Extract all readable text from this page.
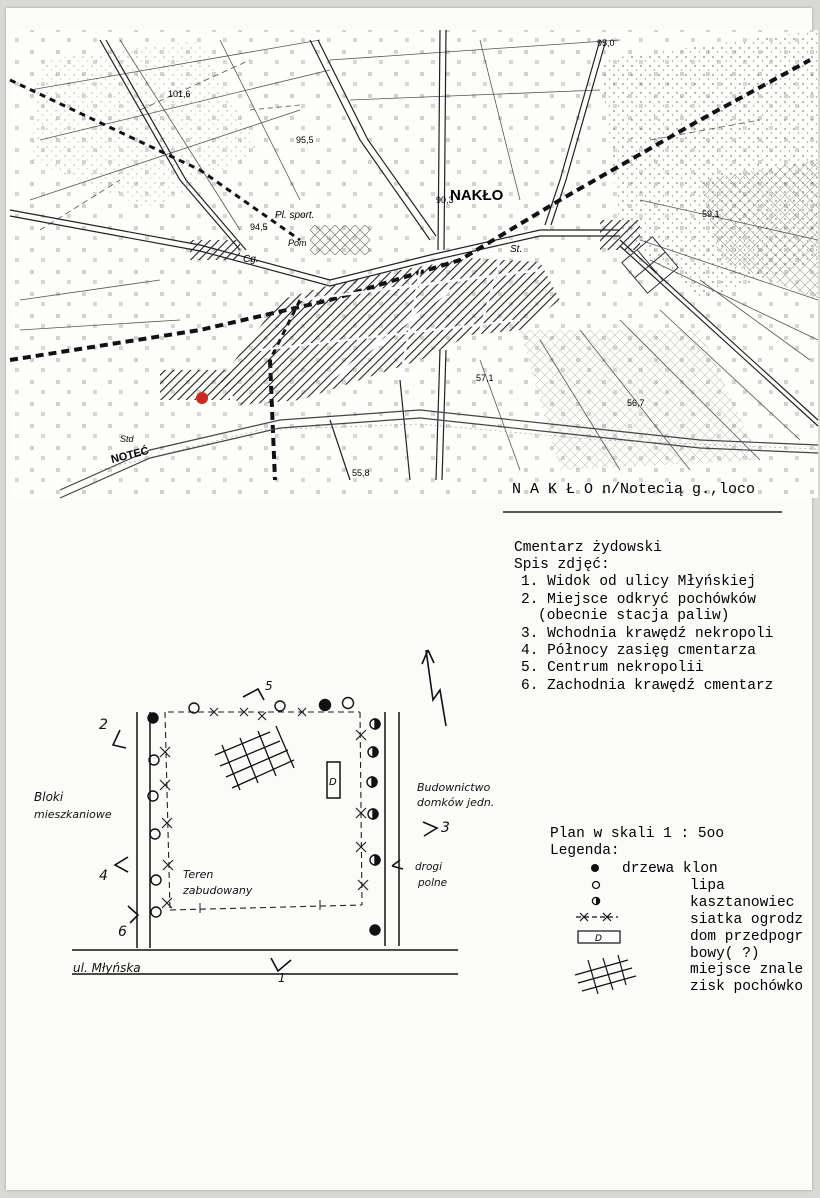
NAKŁO
NOTEĆ
Pl. sport.
Cg.
Pom
St.
Std
101,6
95,5
95,0
90,3
94,5
59,1
57,1
56,7
55,8
N A K Ł O n/Notecią g.,loco
Cmentarz żydowski
Spis zdjęć:
1. Widok od ulicy Młyńskiej
2. Miejsce odkryć pochówków
(obecnie stacja paliw)
3. Wchodnia krawędź nekropoli
4. Północy zasięg cmentarza
5. Centrum nekropolii
6. Zachodnia krawędź cmentarz
D
5
2
4
6
3
1
Bloki
mieszkaniowe
Budownictwo
domków jedn.
Teren
zabudowany
drogi
polne
ul. Młyńska
Plan w skali 1 : 5oo
Legenda:
drzewa klon
lipa
kasztanowiec
siatka ogrodz
D	dom przedpogr
bowy( ?)
miejsce znale
zisk pochówko
